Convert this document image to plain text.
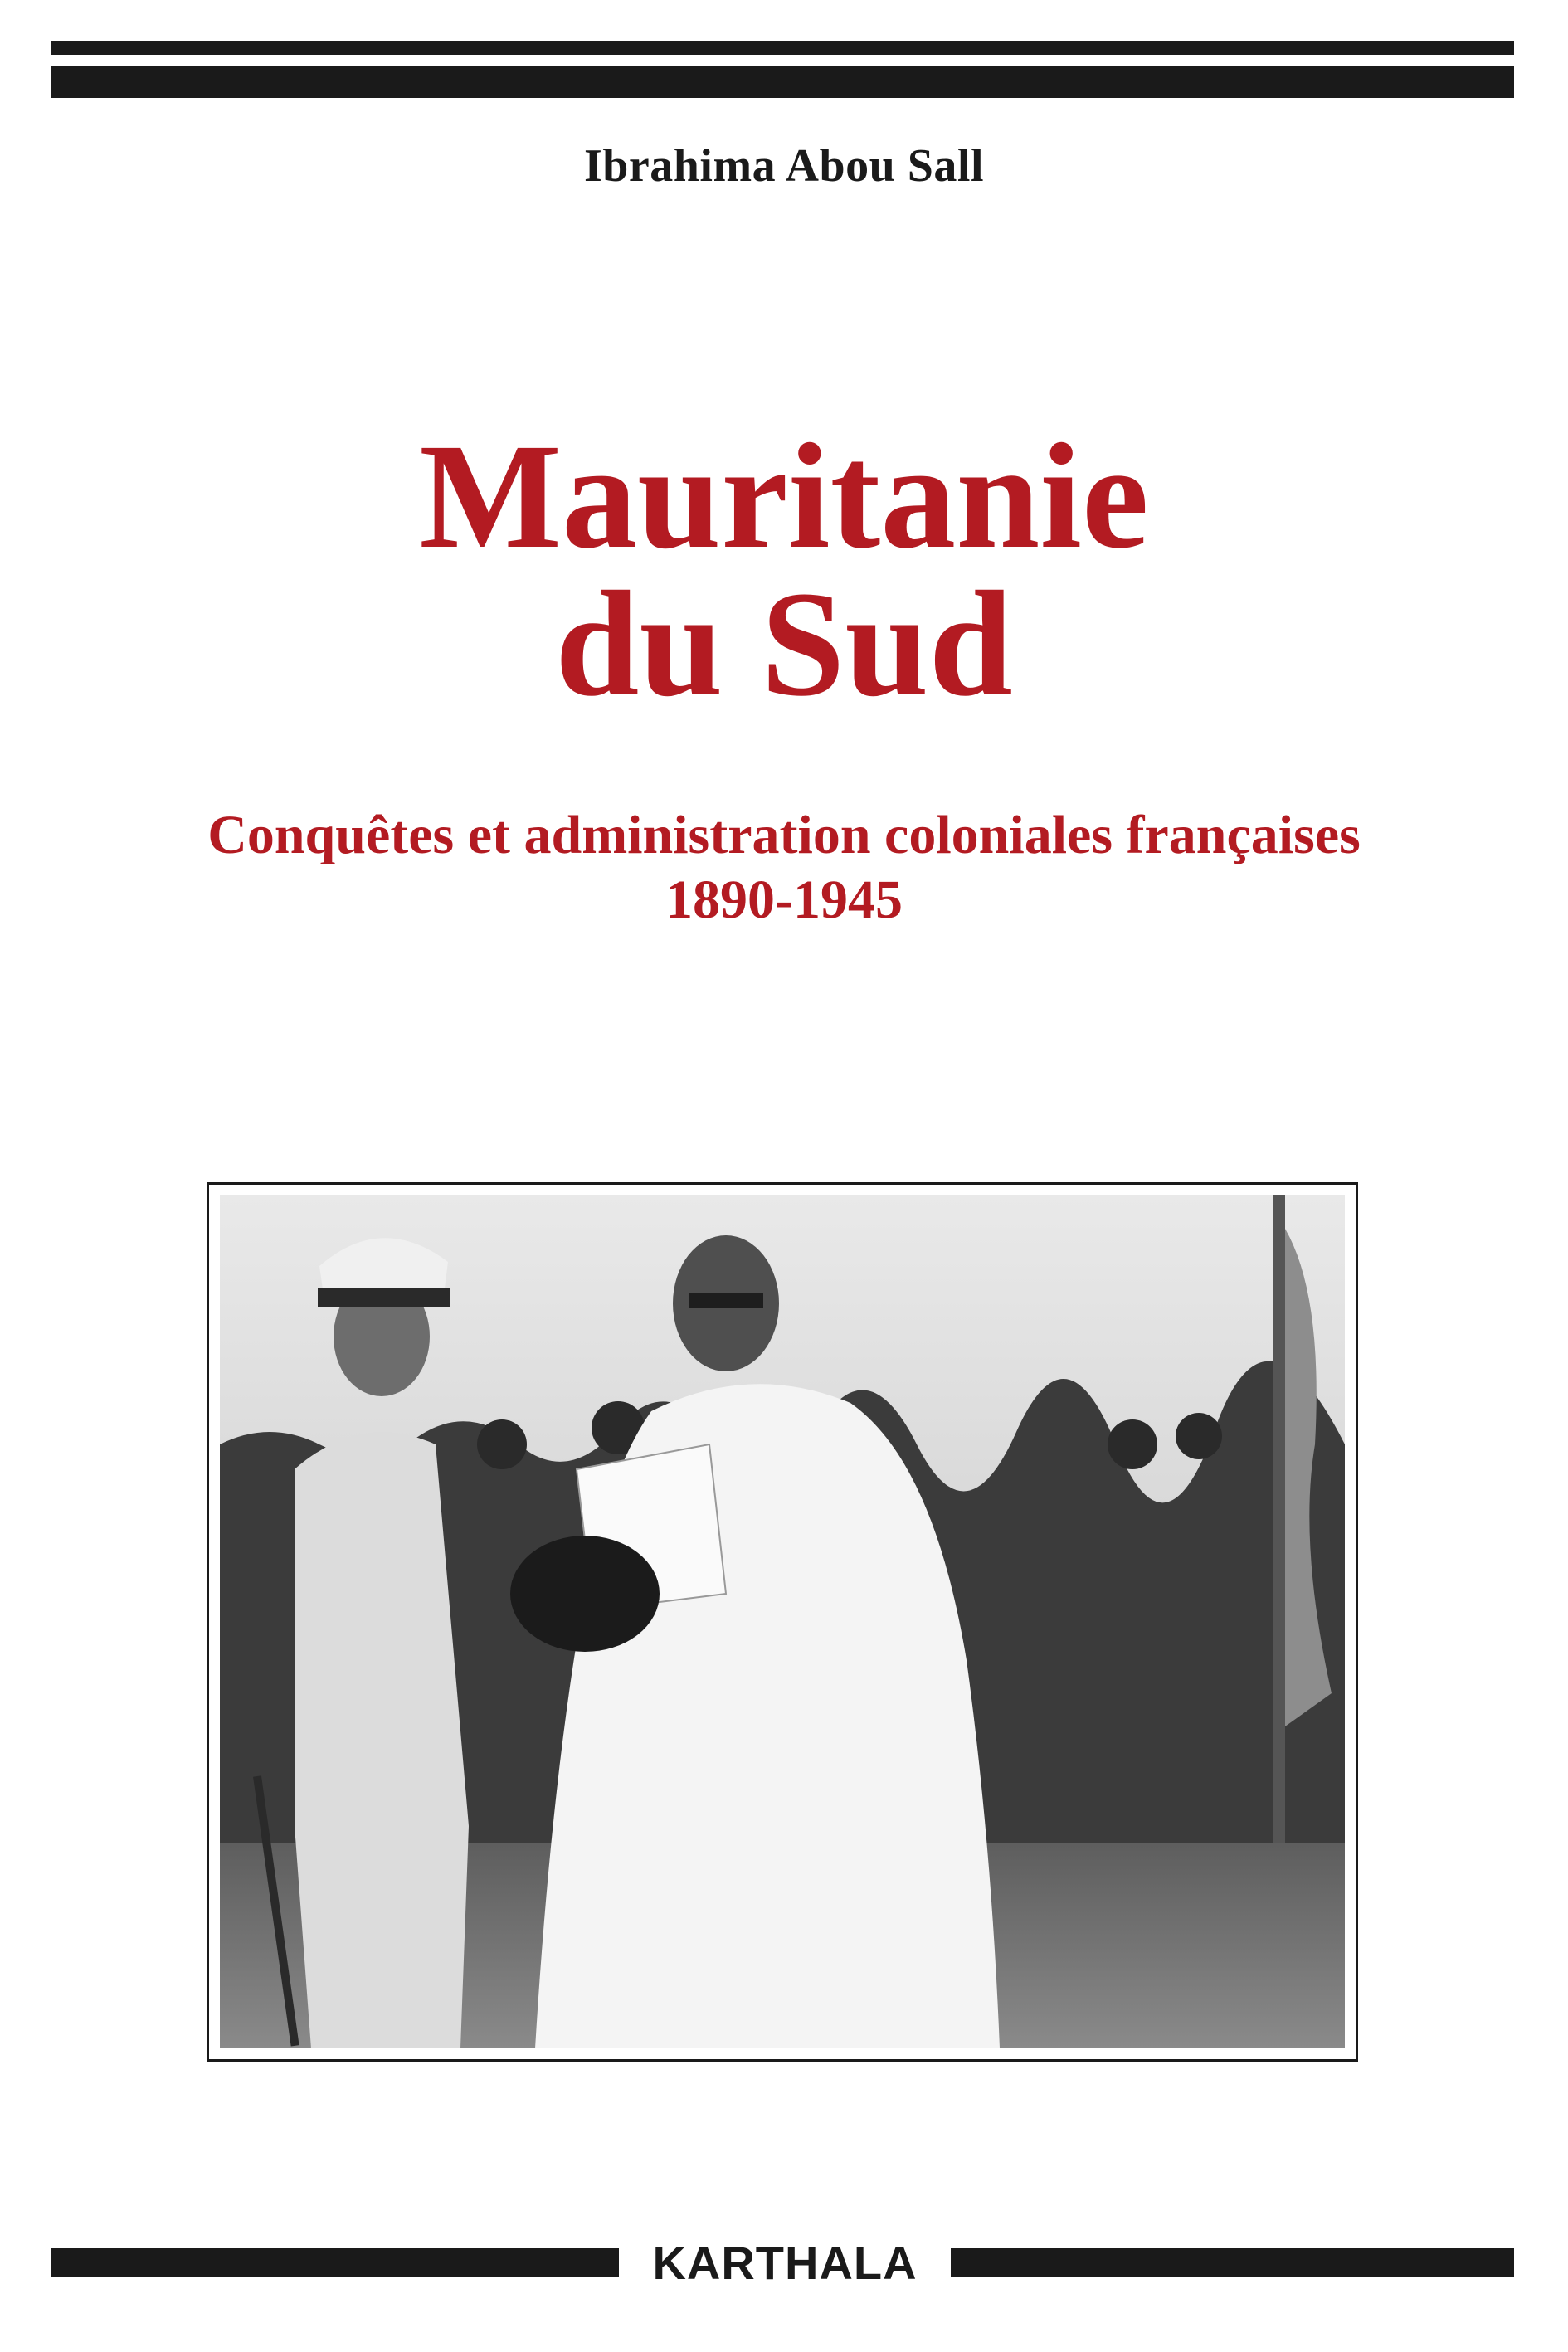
Ibrahima Abou Sall
Mauritanie
du Sud
Conquêtes et administration coloniales françaises
1890-1945
KARTHALA
